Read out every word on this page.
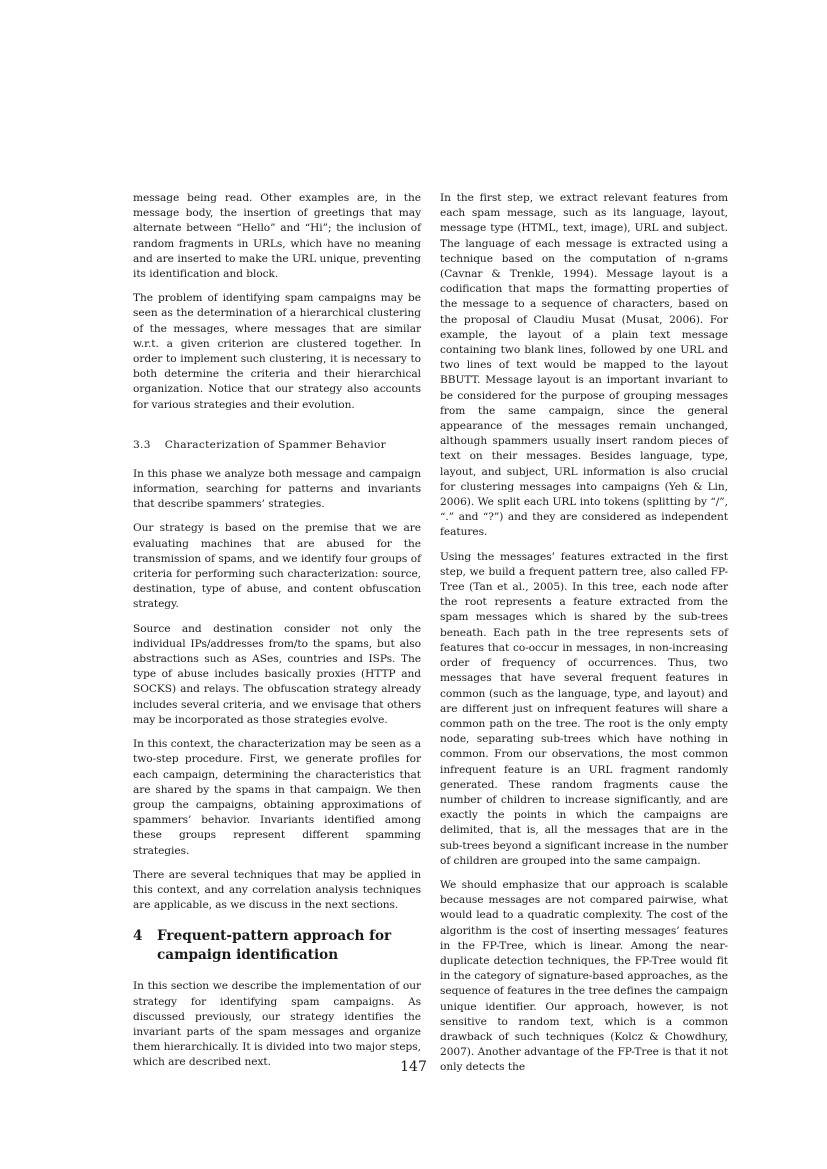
message being read. Other examples are, in the message body, the insertion of greetings that may alternate between “Hello” and “Hi”; the inclusion of random fragments in URLs, which have no meaning and are inserted to make the URL unique, preventing its identification and block.

The problem of identifying spam campaigns may be seen as the determination of a hierarchical clustering of the messages, where messages that are similar w.r.t. a given criterion are clustered together. In order to implement such clustering, it is necessary to both determine the criteria and their hierarchical organization. Notice that our strategy also accounts for various strategies and their evolution.

3.3 Characterization of Spammer Behavior

In this phase we analyze both message and campaign information, searching for patterns and invariants that describe spammers’ strategies.

Our strategy is based on the premise that we are evaluating machines that are abused for the transmission of spams, and we identify four groups of criteria for performing such characterization: source, destination, type of abuse, and content obfuscation strategy.

Source and destination consider not only the individual IPs/addresses from/to the spams, but also abstractions such as ASes, countries and ISPs. The type of abuse includes basically proxies (HTTP and SOCKS) and relays. The obfuscation strategy already includes several criteria, and we envisage that others may be incorporated as those strategies evolve.

In this context, the characterization may be seen as a two-step procedure. First, we generate profiles for each campaign, determining the characteristics that are shared by the spams in that campaign. We then group the campaigns, obtaining approximations of spammers’ behavior. Invariants identified among these groups represent different spamming strategies.

There are several techniques that may be applied in this context, and any correlation analysis techniques are applicable, as we discuss in the next sections.

4 Frequent-pattern approach for campaign identification

In this section we describe the implementation of our strategy for identifying spam campaigns. As discussed previously, our strategy identifies the invariant parts of the spam messages and organize them hierarchically. It is divided into two major steps, which are described next.

In the first step, we extract relevant features from each spam message, such as its language, layout, message type (HTML, text, image), URL and subject. The language of each message is extracted using a technique based on the computation of n-grams (Cavnar & Trenkle, 1994). Message layout is a codification that maps the formatting properties of the message to a sequence of characters, based on the proposal of Claudiu Musat (Musat, 2006). For example, the layout of a plain text message containing two blank lines, followed by one URL and two lines of text would be mapped to the layout BBUTT. Message layout is an important invariant to be considered for the purpose of grouping messages from the same campaign, since the general appearance of the messages remain unchanged, although spammers usually insert random pieces of text on their messages. Besides language, type, layout, and subject, URL information is also crucial for clustering messages into campaigns (Yeh & Lin, 2006). We split each URL into tokens (splitting by “/”, “.” and “?”) and they are considered as independent features.

Using the messages’ features extracted in the first step, we build a frequent pattern tree, also called FP-Tree (Tan et al., 2005). In this tree, each node after the root represents a feature extracted from the spam messages which is shared by the sub-trees beneath. Each path in the tree represents sets of features that co-occur in messages, in non-increasing order of frequency of occurrences. Thus, two messages that have several frequent features in common (such as the language, type, and layout) and are different just on infrequent features will share a common path on the tree. The root is the only empty node, separating sub-trees which have nothing in common. From our observations, the most common infrequent feature is an URL fragment randomly generated. These random fragments cause the number of children to increase significantly, and are exactly the points in which the campaigns are delimited, that is, all the messages that are in the sub-trees beyond a significant increase in the number of children are grouped into the same campaign.

We should emphasize that our approach is scalable because messages are not compared pairwise, what would lead to a quadratic complexity. The cost of the algorithm is the cost of inserting messages’ features in the FP-Tree, which is linear. Among the near-duplicate detection techniques, the FP-Tree would fit in the category of signature-based approaches, as the sequence of features in the tree defines the campaign unique identifier. Our approach, however, is not sensitive to random text, which is a common drawback of such techniques (Kolcz & Chowdhury, 2007). Another advantage of the FP-Tree is that it not only detects the

147
